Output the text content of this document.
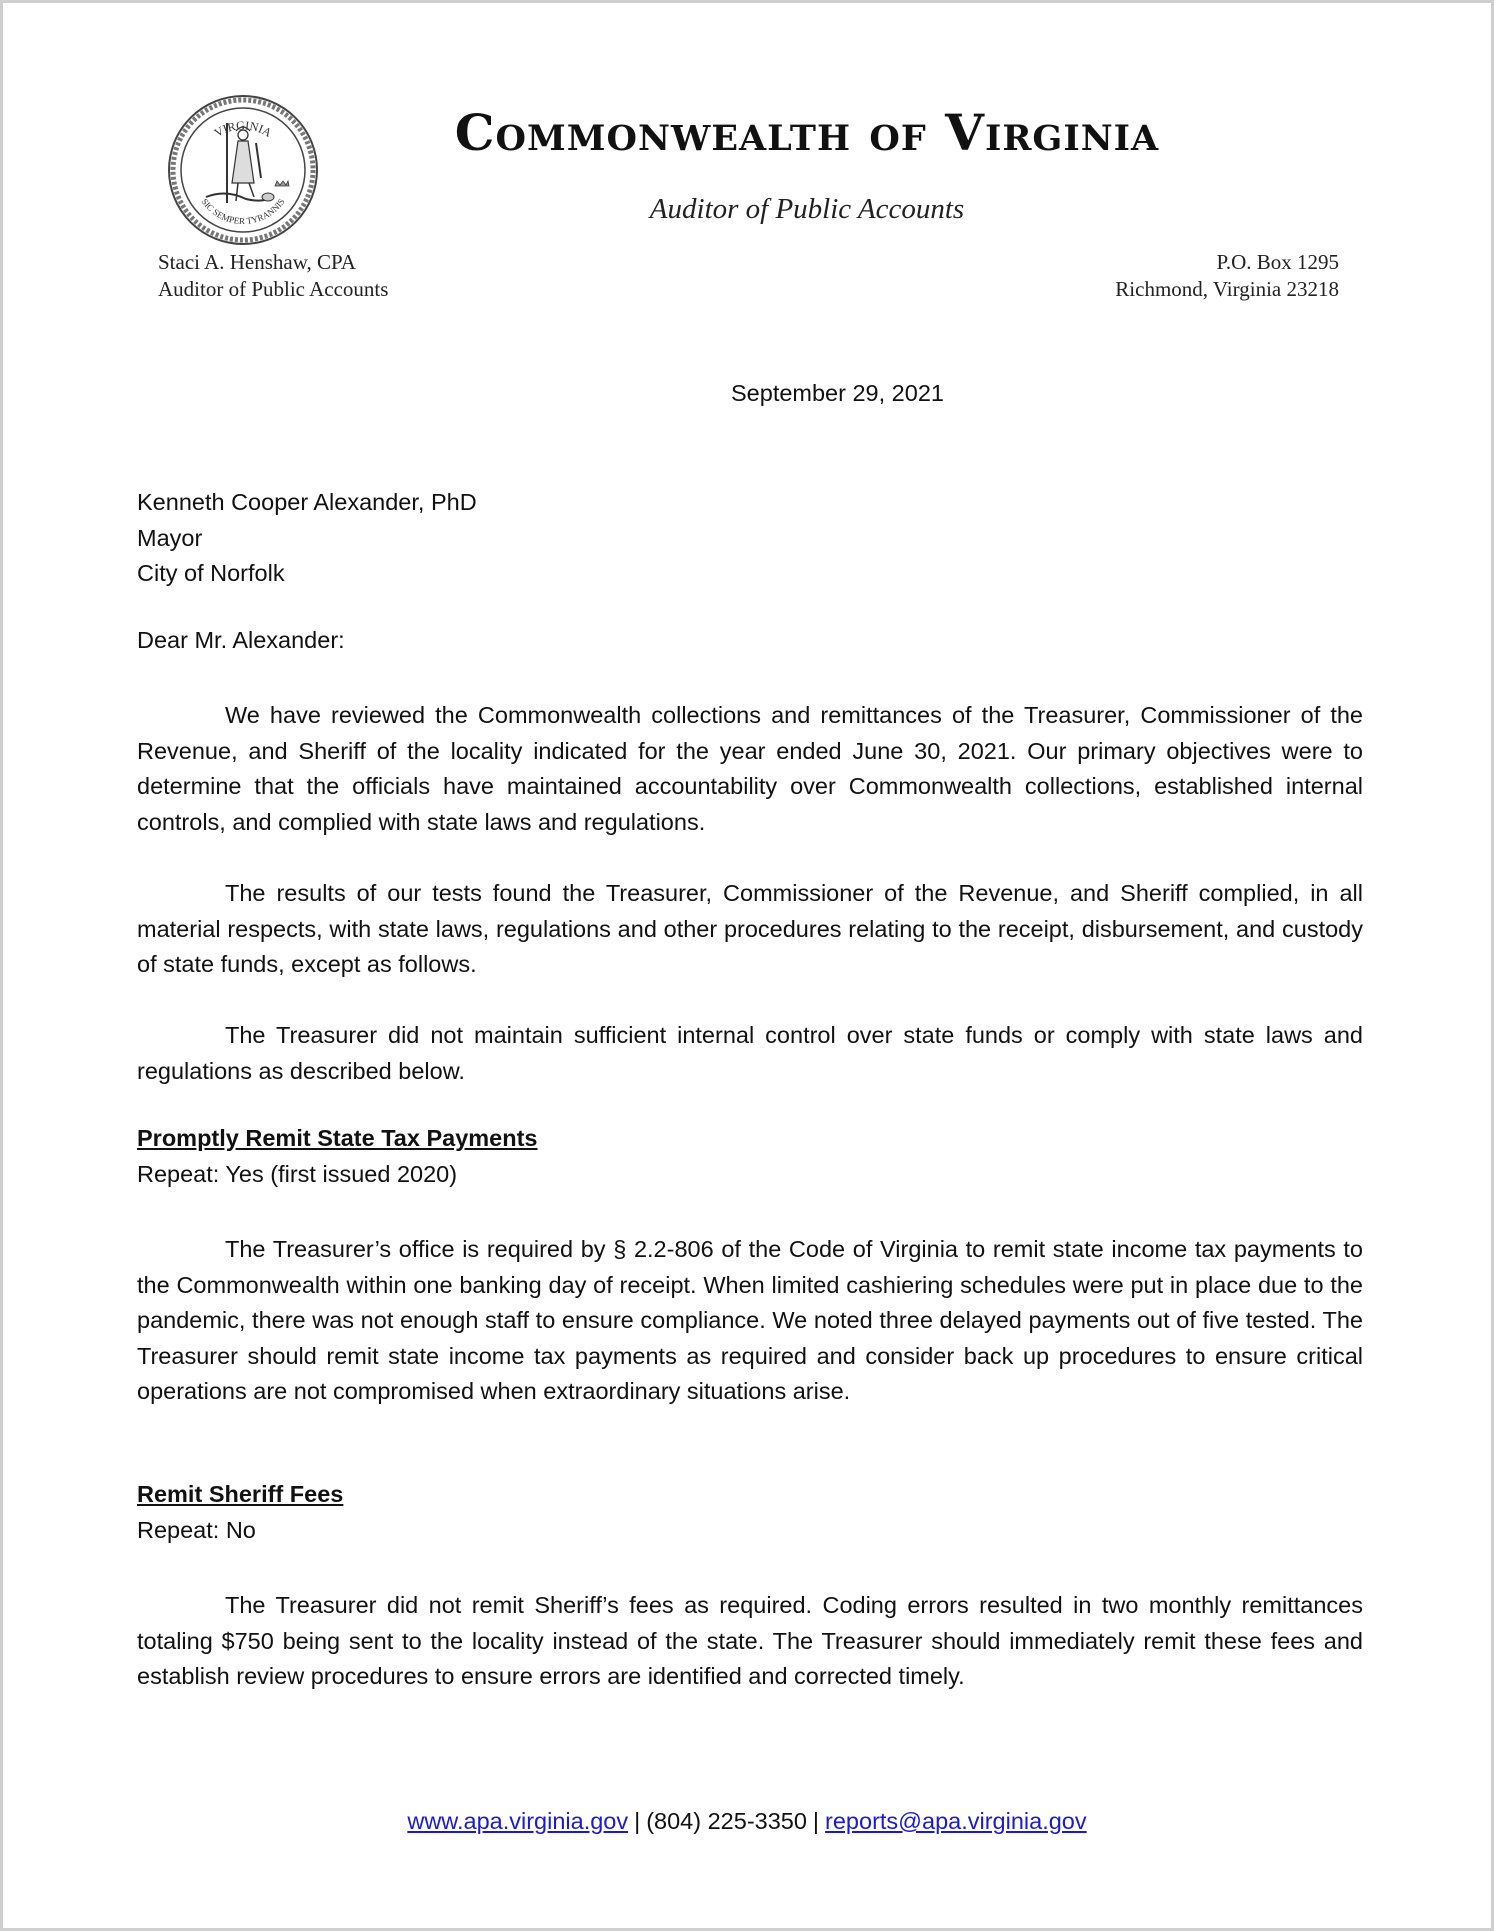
VIRGINIA
SIC SEMPER TYRANNIS
Commonwealth of Virginia
Auditor of Public Accounts
Staci A. Henshaw, CPA
Auditor of Public Accounts
P.O. Box 1295
Richmond, Virginia 23218
September 29, 2021
Kenneth Cooper Alexander, PhD
Mayor
City of Norfolk
Dear Mr. Alexander:
We have reviewed the Commonwealth collections and remittances of the Treasurer, Commissioner of the Revenue, and Sheriff of the locality indicated for the year ended June 30, 2021. Our primary objectives were to determine that the officials have maintained accountability over Commonwealth collections, established internal controls, and complied with state laws and regulations.
The results of our tests found the Treasurer, Commissioner of the Revenue, and Sheriff complied, in all material respects, with state laws, regulations and other procedures relating to the receipt, disbursement, and custody of state funds, except as follows.
The Treasurer did not maintain sufficient internal control over state funds or comply with state laws and regulations as described below.
Promptly Remit State Tax Payments
Repeat: Yes (first issued 2020)
The Treasurer’s office is required by § 2.2-806 of the Code of Virginia to remit state income tax payments to the Commonwealth within one banking day of receipt. When limited cashiering schedules were put in place due to the pandemic, there was not enough staff to ensure compliance. We noted three delayed payments out of five tested. The Treasurer should remit state income tax payments as required and consider back up procedures to ensure critical operations are not compromised when extraordinary situations arise.
Remit Sheriff Fees
Repeat: No
The Treasurer did not remit Sheriff’s fees as required. Coding errors resulted in two monthly remittances totaling $750 being sent to the locality instead of the state. The Treasurer should immediately remit these fees and establish review procedures to ensure errors are identified and corrected timely.
www.apa.virginia.gov | (804) 225-3350 | reports@apa.virginia.gov
